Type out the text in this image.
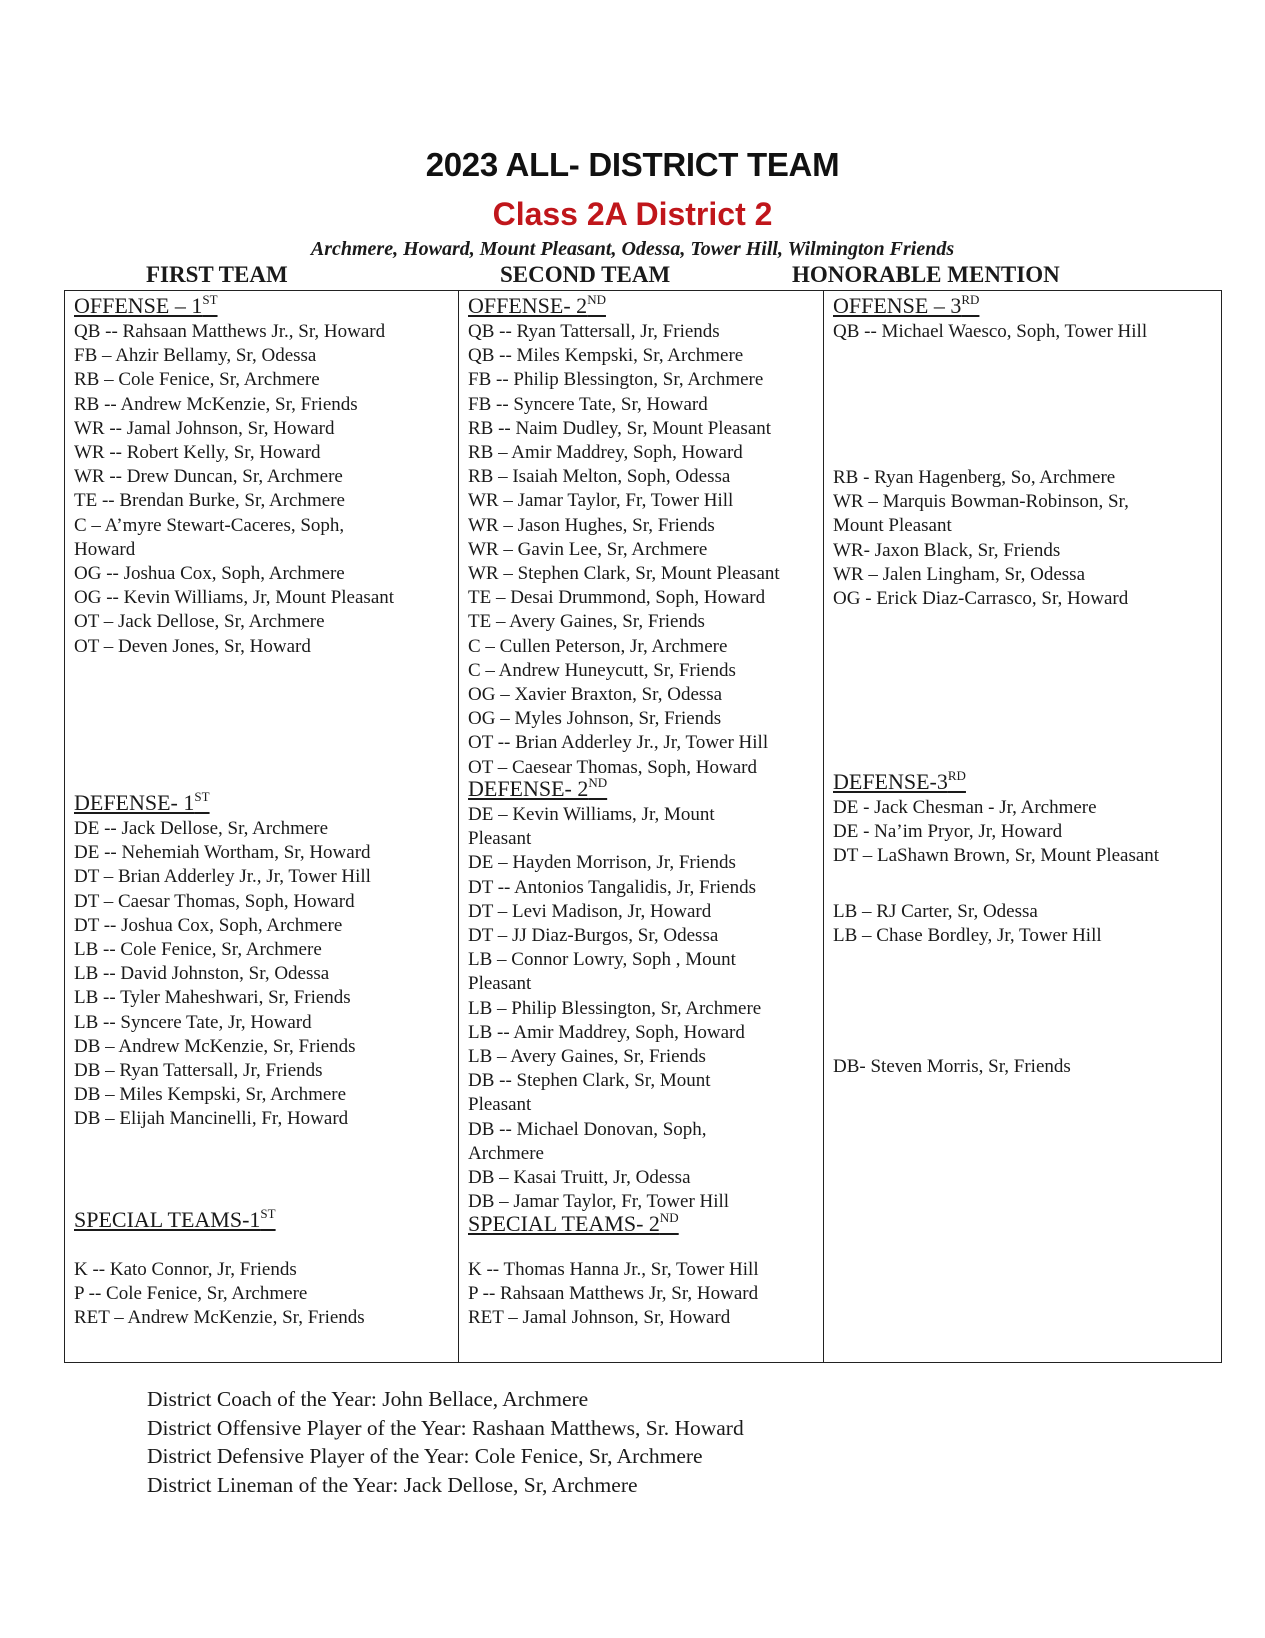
2023 ALL- DISTRICT TEAM
Class 2A District 2
Archmere, Howard, Mount Pleasant, Odessa, Tower Hill, Wilmington Friends
FIRST TEAM	SECOND TEAM	HONORABLE MENTION
OFFENSE – 1ST
QB -- Rahsaan Matthews Jr., Sr, Howard
FB – Ahzir Bellamy, Sr, Odessa
RB – Cole Fenice, Sr, Archmere
RB -- Andrew McKenzie, Sr, Friends
WR -- Jamal Johnson, Sr, Howard
WR -- Robert Kelly, Sr, Howard
WR -- Drew Duncan, Sr, Archmere
TE -- Brendan Burke, Sr, Archmere
C – A’myre Stewart-Caceres, Soph,
Howard
OG -- Joshua Cox, Soph, Archmere
OG -- Kevin Williams, Jr, Mount Pleasant
OT – Jack Dellose, Sr, Archmere
OT – Deven Jones, Sr, Howard
DEFENSE- 1ST
DE -- Jack Dellose, Sr, Archmere
DE -- Nehemiah Wortham, Sr, Howard
DT – Brian Adderley Jr., Jr, Tower Hill
DT – Caesar Thomas, Soph, Howard
DT -- Joshua Cox, Soph, Archmere
LB -- Cole Fenice, Sr, Archmere
LB -- David Johnston, Sr, Odessa
LB -- Tyler Maheshwari, Sr, Friends
LB -- Syncere Tate, Jr, Howard
DB – Andrew McKenzie, Sr, Friends
DB – Ryan Tattersall, Jr, Friends
DB – Miles Kempski, Sr, Archmere
DB – Elijah Mancinelli, Fr, Howard
SPECIAL TEAMS-1ST
K -- Kato Connor, Jr, Friends
P -- Cole Fenice, Sr, Archmere
RET – Andrew McKenzie, Sr, Friends
OFFENSE- 2ND
QB -- Ryan Tattersall, Jr, Friends
QB -- Miles Kempski, Sr, Archmere
FB -- Philip Blessington, Sr, Archmere
FB -- Syncere Tate, Sr, Howard
RB -- Naim Dudley, Sr, Mount Pleasant
RB – Amir Maddrey, Soph, Howard
RB – Isaiah Melton, Soph, Odessa
WR – Jamar Taylor, Fr, Tower Hill
WR – Jason Hughes, Sr, Friends
WR – Gavin Lee, Sr, Archmere
WR – Stephen Clark, Sr, Mount Pleasant
TE – Desai Drummond, Soph, Howard
TE – Avery Gaines, Sr, Friends
C – Cullen Peterson, Jr, Archmere
C – Andrew Huneycutt, Sr, Friends
OG – Xavier Braxton, Sr, Odessa
OG – Myles Johnson, Sr, Friends
OT -- Brian Adderley Jr., Jr, Tower Hill
OT – Caesear Thomas, Soph, Howard
DEFENSE- 2ND
DE – Kevin Williams, Jr, Mount
Pleasant
DE – Hayden Morrison, Jr, Friends
DT -- Antonios Tangalidis, Jr, Friends
DT – Levi Madison, Jr, Howard
DT – JJ Diaz-Burgos, Sr, Odessa
LB – Connor Lowry, Soph , Mount
Pleasant
LB – Philip Blessington, Sr, Archmere
LB -- Amir Maddrey, Soph, Howard
LB – Avery Gaines, Sr, Friends
DB -- Stephen Clark, Sr, Mount
Pleasant
DB -- Michael Donovan, Soph,
Archmere
DB – Kasai Truitt, Jr, Odessa
DB – Jamar Taylor, Fr, Tower Hill
SPECIAL TEAMS- 2ND
K -- Thomas Hanna Jr., Sr, Tower Hill
P -- Rahsaan Matthews Jr, Sr, Howard
RET – Jamal Johnson, Sr, Howard
OFFENSE – 3RD
QB -- Michael Waesco, Soph, Tower Hill
RB - Ryan Hagenberg, So, Archmere
WR – Marquis Bowman-Robinson, Sr,
Mount Pleasant
WR- Jaxon Black, Sr, Friends
WR – Jalen Lingham, Sr, Odessa
OG - Erick Diaz-Carrasco, Sr, Howard
DEFENSE-3RD
DE - Jack Chesman - Jr, Archmere
DE - Na’im Pryor, Jr, Howard
DT – LaShawn Brown, Sr, Mount Pleasant
LB – RJ Carter, Sr, Odessa
LB – Chase Bordley, Jr, Tower Hill
DB- Steven Morris, Sr, Friends
District Coach of the Year: John Bellace, Archmere
District Offensive Player of the Year: Rashaan Matthews, Sr. Howard
District Defensive Player of the Year: Cole Fenice, Sr, Archmere
District Lineman of the Year: Jack Dellose, Sr, Archmere
